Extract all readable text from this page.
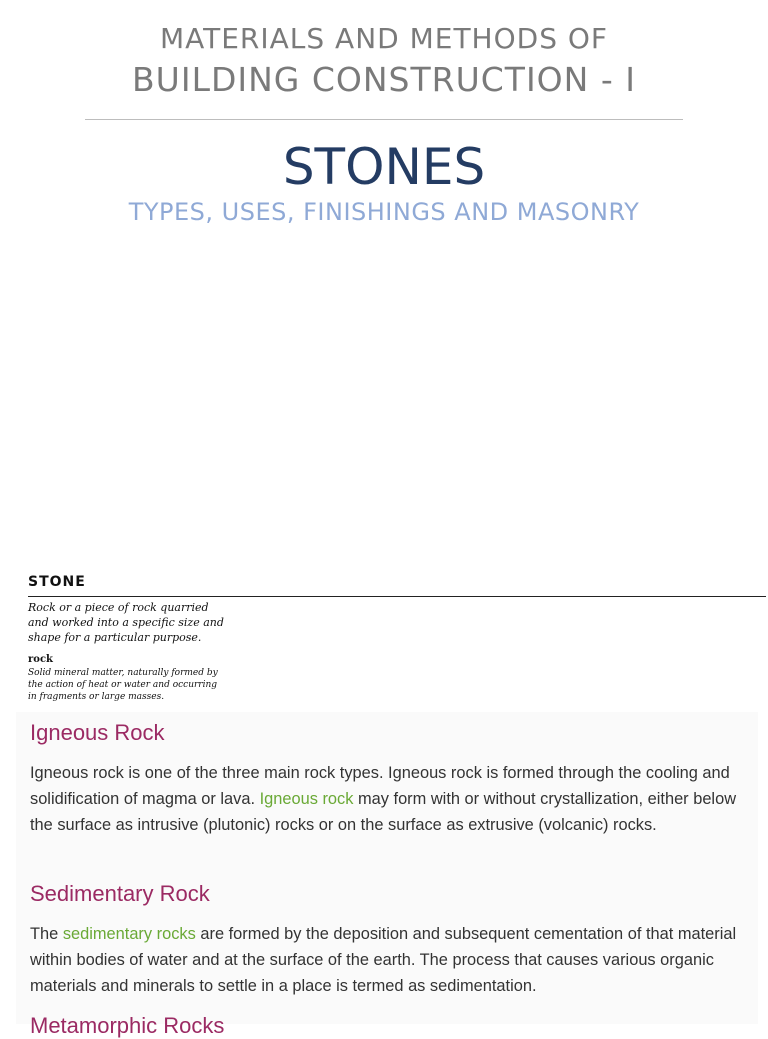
MATERIALS AND METHODS OF
BUILDING CONSTRUCTION - I
STONES
TYPES, USES, FINISHINGS AND MASONRY
STONE
Rock or a piece of rock quarried and worked into a specific size and shape for a particular purpose.
rock
Solid mineral matter, naturally formed by the action of heat or water and occurring in fragments or large masses.
Igneous Rock
Igneous rock is one of the three main rock types. Igneous rock is formed through the cooling and solidification of magma or lava. Igneous rock may form with or without crystallization, either below the surface as intrusive (plutonic) rocks or on the surface as extrusive (volcanic) rocks.
Sedimentary Rock
The sedimentary rocks are formed by the deposition and subsequent cementation of that material within bodies of water and at the surface of the earth. The process that causes various organic materials and minerals to settle in a place is termed as sedimentation.
Metamorphic Rocks
